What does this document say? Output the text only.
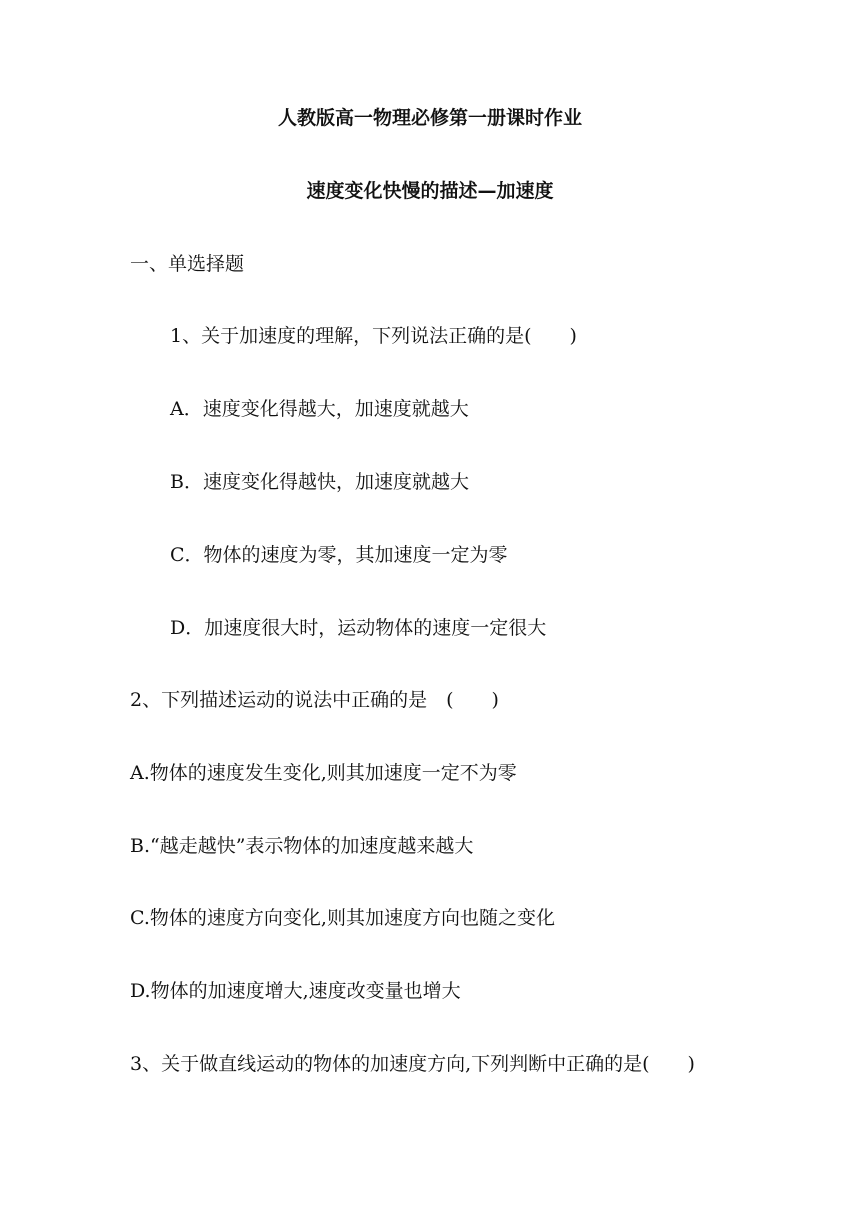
人教版高一物理必修第一册课时作业
速度变化快慢的描述—加速度
一、单选择题
1、关于加速度的理解，下列说法正确的是(　　)
A．速度变化得越大，加速度就越大
B．速度变化得越快，加速度就越大
C．物体的速度为零，其加速度一定为零
D．加速度很大时，运动物体的速度一定很大
2、下列描述运动的说法中正确的是　(　　)
A.物体的速度发生变化,则其加速度一定不为零
B.“越走越快”表示物体的加速度越来越大
C.物体的速度方向变化,则其加速度方向也随之变化
D.物体的加速度增大,速度改变量也增大
3、关于做直线运动的物体的加速度方向,下列判断中正确的是(　　)
